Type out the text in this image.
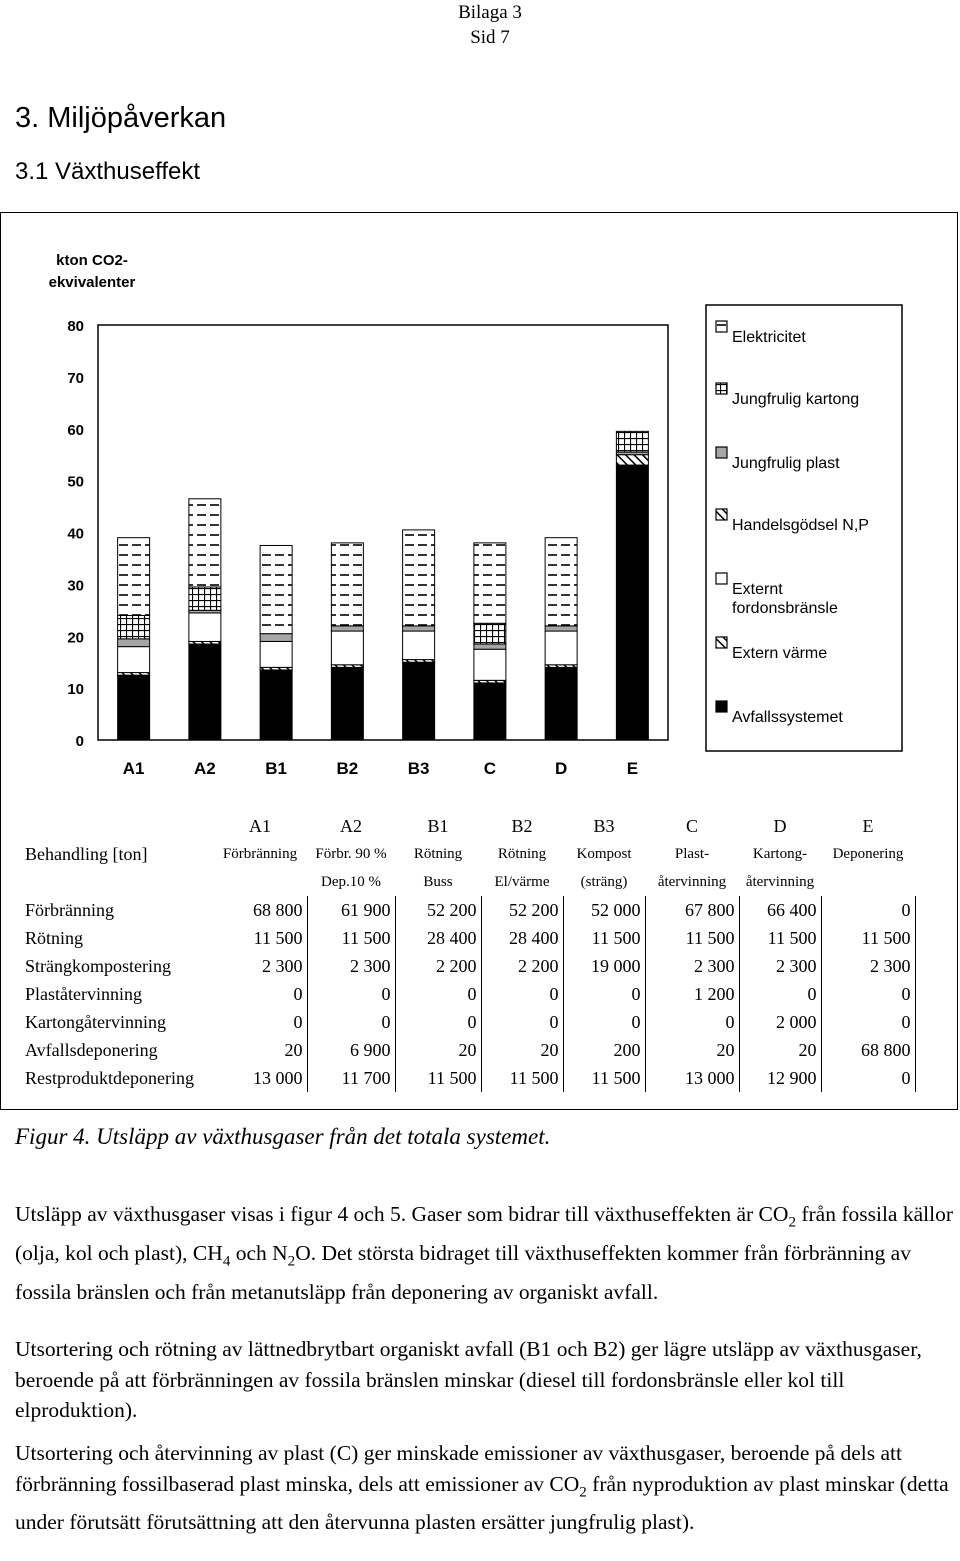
Bilaga 3
Sid 7
3. Miljöpåverkan
3.1 Växthuseffekt
kton CO2-
ekvivalenter
0
10
20
30
40
50
60
70
80
A1	A2	B1	B2	B3	C	D	E
Elektricitet
Jungfrulig kartong
Jungfrulig plast
Handelsgödsel N,P
Externt
fordonsbränsle
Extern värme
Avfallssystemet
	A1	A2	B1	B2	B3	C	D	E
Behandling [ton]	Förbränning	Förbr. 90 %	Rötning	Rötning	Kompost	Plast-	Kartong-	Deponering
		Dep.10 %	Buss	El/värme	(sträng)	återvinning	återvinning	
Förbränning	68 800	61 900	52 200	52 200	52 000	67 800	66 400	0
Rötning	11 500	11 500	28 400	28 400	11 500	11 500	11 500	11 500
Strängkompostering	2 300	2 300	2 200	2 200	19 000	2 300	2 300	2 300
Plaståtervinning	0	0	0	0	0	1 200	0	0
Kartongåtervinning	0	0	0	0	0	0	2 000	0
Avfallsdeponering	20	6 900	20	20	200	20	20	68 800
Restproduktdeponering	13 000	11 700	11 500	11 500	11 500	13 000	12 900	0
Figur 4. Utsläpp av växthusgaser från det totala systemet.
Utsläpp av växthusgaser visas i figur 4 och 5. Gaser som bidrar till växthuseffekten är $CO_2$ från fossila källor (olja, kol och plast), $CH_4$ och $N_2O$. Det största bidraget till växthuseffekten kommer från förbränning av fossila bränslen och från metanutsläpp från deponering av organiskt avfall.
Utsortering och rötning av lättnedbrytbart organiskt avfall (B1 och B2) ger lägre utsläpp av växthusgaser, beroende på att förbränningen av fossila bränslen minskar (diesel till fordonsbränsle eller kol till elproduktion).
Utsortering och återvinning av plast (C) ger minskade emissioner av växthusgaser, beroende på dels att förbränning fossilbaserad plast minska, dels att emissioner av $CO_2$ från nyproduktion av plast minskar (detta under förutsätt förutsättning att den återvunna plasten ersätter jungfrulig plast).
